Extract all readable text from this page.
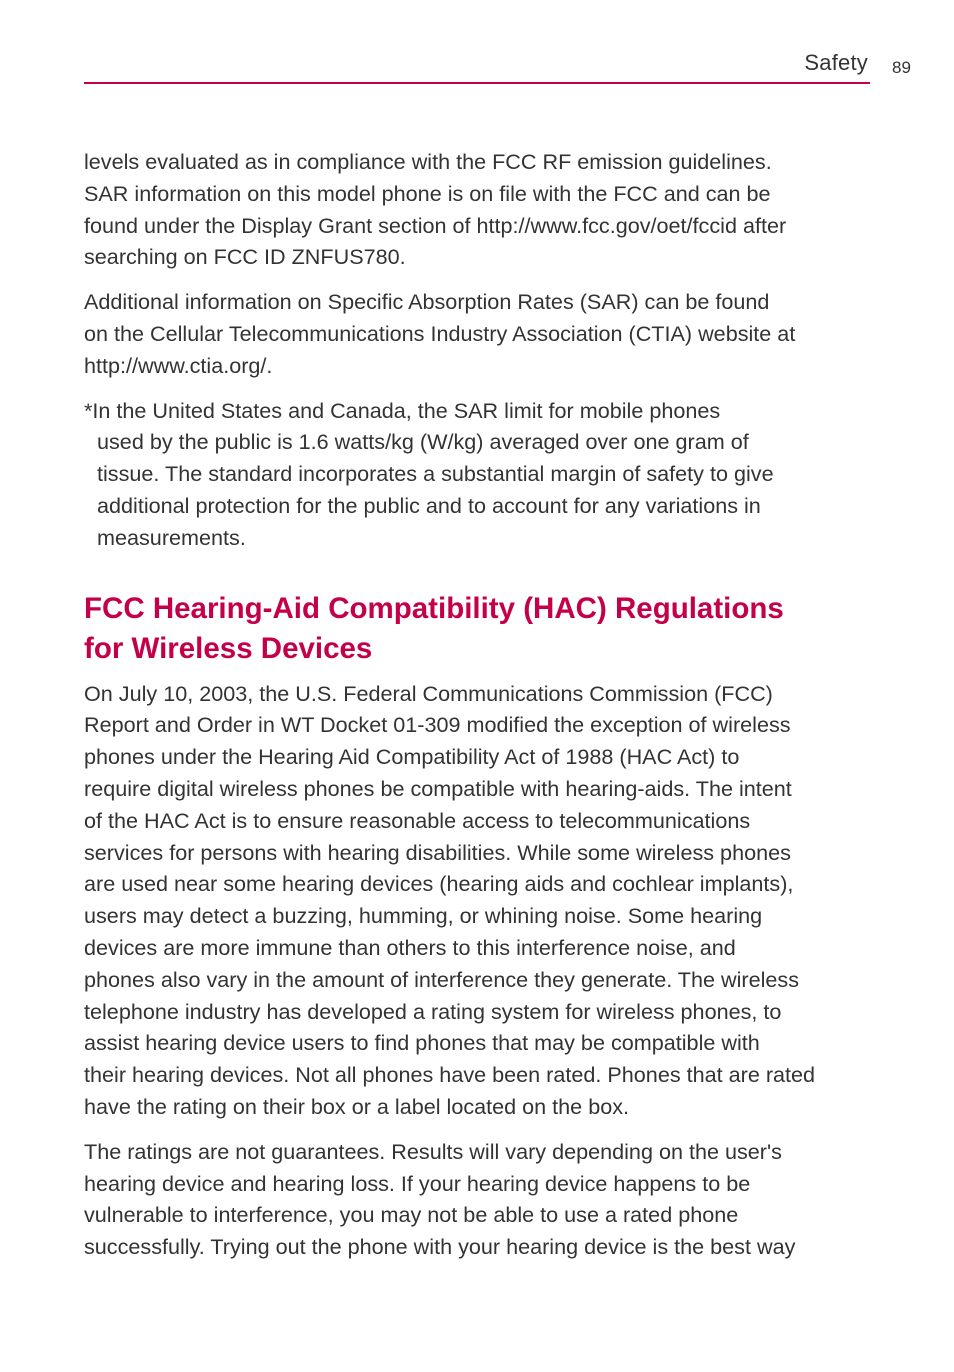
Safety 89

levels evaluated as in compliance with the FCC RF emission guidelines.
SAR information on this model phone is on file with the FCC and can be
found under the Display Grant section of http://www.fcc.gov/oet/fccid after
searching on FCC ID ZNFUS780.

Additional information on Specific Absorption Rates (SAR) can be found
on the Cellular Telecommunications Industry Association (CTIA) website at
http://www.ctia.org/.

*In the United States and Canada, the SAR limit for mobile phones
used by the public is 1.6 watts/kg (W/kg) averaged over one gram of
tissue. The standard incorporates a substantial margin of safety to give
additional protection for the public and to account for any variations in
measurements.

FCC Hearing-Aid Compatibility (HAC) Regulations
for Wireless Devices

On July 10, 2003, the U.S. Federal Communications Commission (FCC)
Report and Order in WT Docket 01-309 modified the exception of wireless
phones under the Hearing Aid Compatibility Act of 1988 (HAC Act) to
require digital wireless phones be compatible with hearing-aids. The intent
of the HAC Act is to ensure reasonable access to telecommunications
services for persons with hearing disabilities. While some wireless phones
are used near some hearing devices (hearing aids and cochlear implants),
users may detect a buzzing, humming, or whining noise. Some hearing
devices are more immune than others to this interference noise, and
phones also vary in the amount of interference they generate. The wireless
telephone industry has developed a rating system for wireless phones, to
assist hearing device users to find phones that may be compatible with
their hearing devices. Not all phones have been rated. Phones that are rated
have the rating on their box or a label located on the box.

The ratings are not guarantees. Results will vary depending on the user's
hearing device and hearing loss. If your hearing device happens to be
vulnerable to interference, you may not be able to use a rated phone
successfully. Trying out the phone with your hearing device is the best way
